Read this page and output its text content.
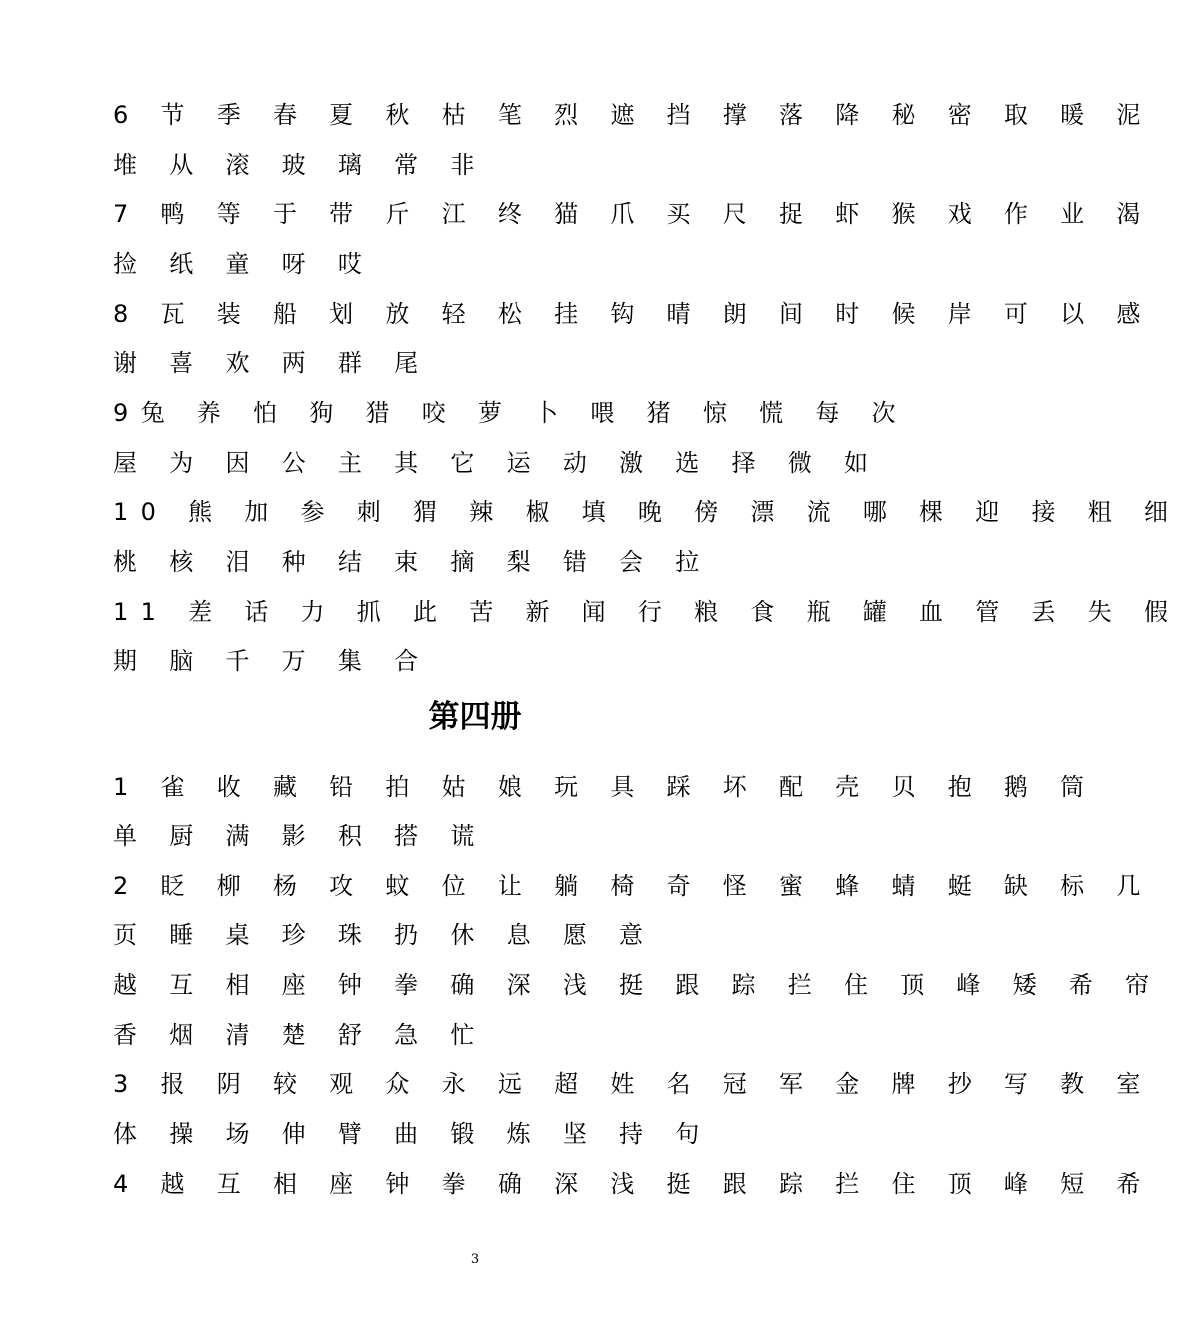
6 节 季 春 夏 秋 枯 笔 烈 遮 挡 撑 落 降 秘 密 取 暖 泥
堆 从 滚 玻 璃 常 非
7 鸭 等 于 带 斤 江 终 猫 爪 买 尺 捉 虾 猴 戏 作 业 渴
捡 纸 童 呀 哎
8 瓦 装 船 划 放 轻 松 挂 钩 晴 朗 间 时 候 岸 可 以 感
谢 喜 欢 两 群 尾
9兔 养 怕 狗 猎 咬 萝 卜 喂 猪 惊 慌 每 次
屋 为 因 公 主 其 它 运 动 激 选 择 微 如
10 熊 加 参 刺 猬 辣 椒 填 晚 傍 漂 流 哪 棵 迎 接 粗 细
桃 核 泪 种 结 束 摘 梨 错 会 拉
11 差 话 力 抓 此 苦 新 闻 行 粮 食 瓶 罐 血 管 丢 失 假
期 脑 千 万 集 合
第四册
1 雀 收 藏 铅 拍 姑 娘 玩 具 踩 坏 配 壳 贝 抱 鹅 筒
单 厨 满 影 积 搭 谎
2 眨 柳 杨 攻 蚊 位 让 躺 椅 奇 怪 蜜 蜂 蜻 蜓 缺 标 几
页 睡 桌 珍 珠 扔 休 息 愿 意
越 互 相 座 钟 拳 确 深 浅 挺 跟 踪 拦 住 顶 峰 矮 希 帘
香 烟 清 楚 舒 急 忙
3 报 阴 较 观 众 永 远 超 姓 名 冠 军 金 牌 抄 写 教 室
体 操 场 伸 臂 曲 锻 炼 坚 持 句
4 越 互 相 座 钟 拳 确 深 浅 挺 跟 踪 拦 住 顶 峰 短 希
3
